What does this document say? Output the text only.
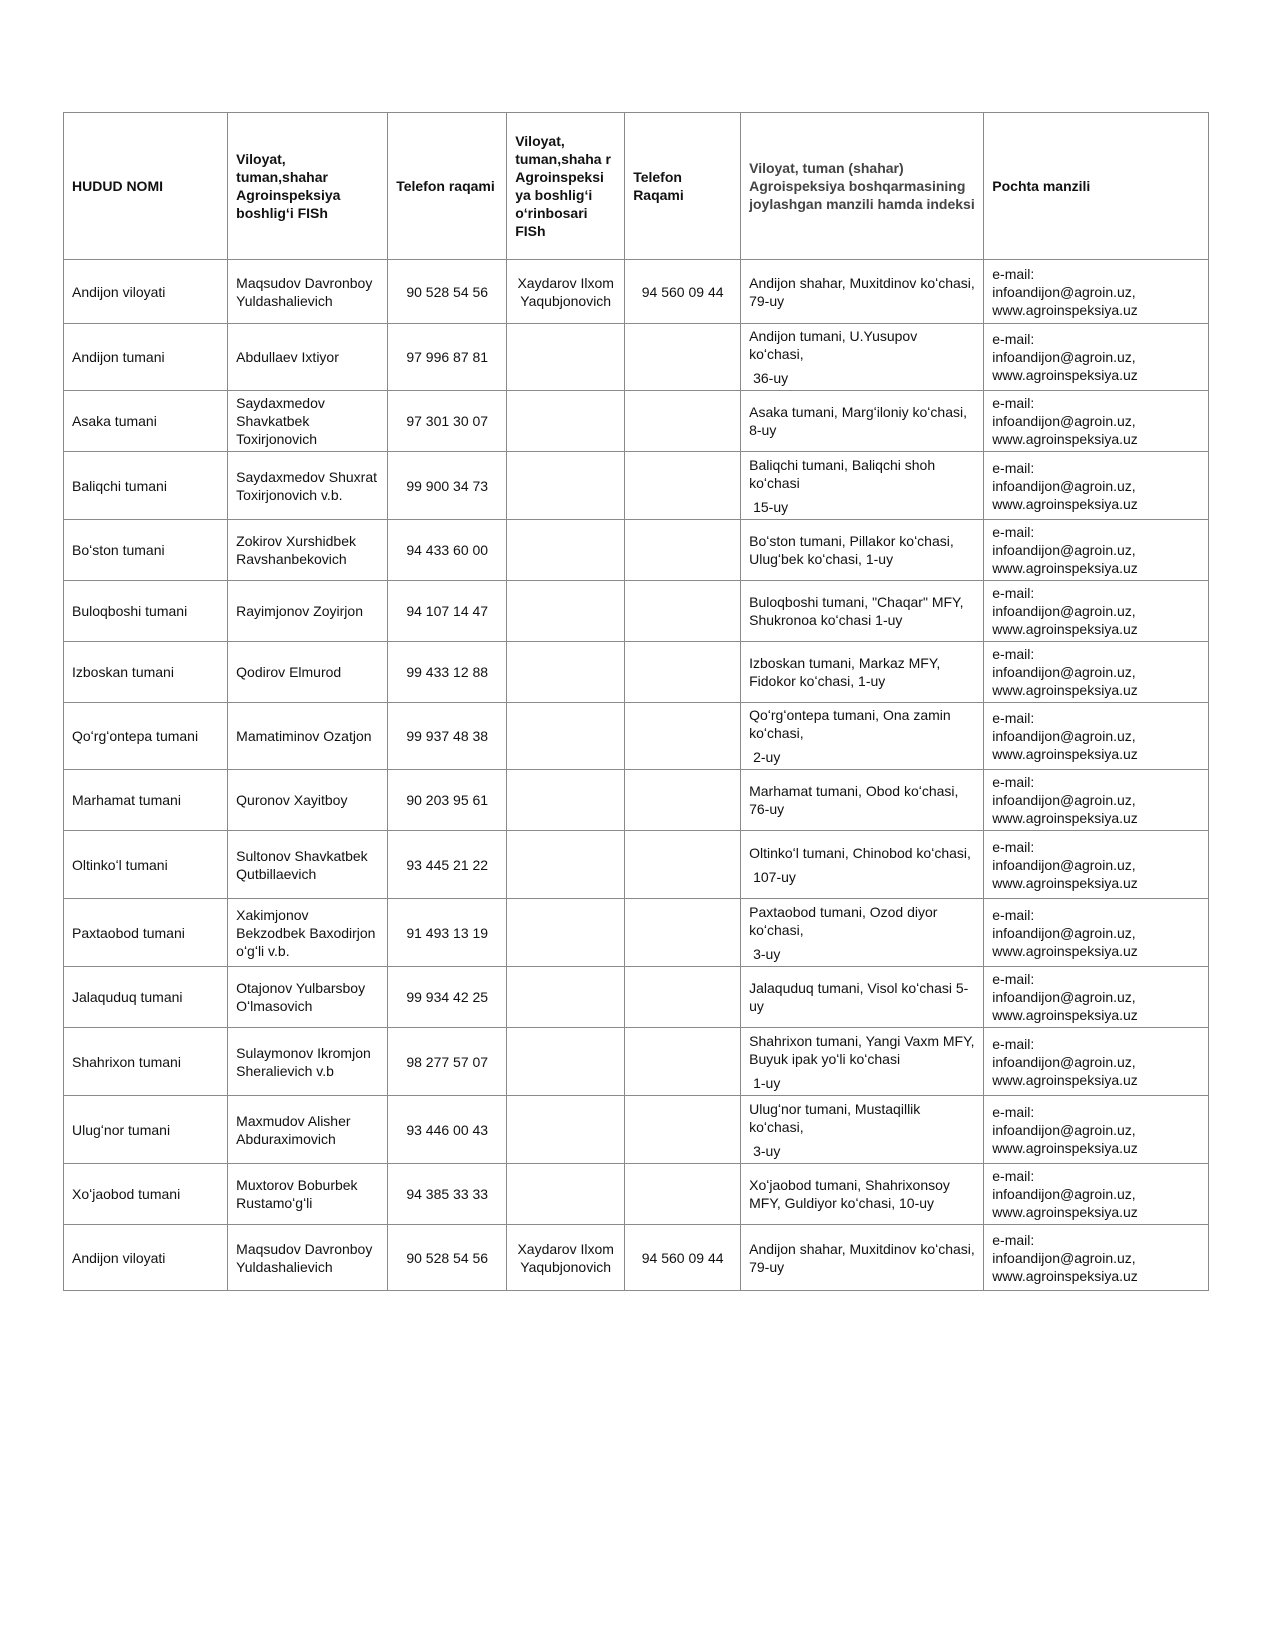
HUDUD NOMI	Viloyat, tuman,shahar Agroinspeksiya boshligʻi FISh	Telefon raqami	Viloyat, tuman,shaha r Agroinspeksi ya boshligʻi oʻrinbosari FISh	Telefon Raqami	Viloyat, tuman (shahar) Agroispeksiya boshqarmasining joylashgan manzili hamda indeksi	Pochta manzili
Andijon viloyati	Maqsudov Davronboy Yuldashalievich	90 528 54 56	Xaydarov Ilxom Yaqubjonovich	94 560 09 44	Andijon shahar, Muxitdinov koʻchasi, 79-uy	e-mail:
infoandijon@agroin.uz,
www.agroinspeksiya.uz

Andijon tumani	Abdullaev Ixtiyor	97 996 87 81			Andijon tumani, U.Yusupov koʻchasi,
36-uy	e-mail:
infoandijon@agroin.uz,
www.agroinspeksiya.uz

Asaka tumani	Saydaxmedov Shavkatbek Toxirjonovich	97 301 30 07			Asaka tumani, Margʻiloniy koʻchasi, 8-uy	e-mail:
infoandijon@agroin.uz,
www.agroinspeksiya.uz

Baliqchi tumani	Saydaxmedov Shuxrat Toxirjonovich v.b.	99 900 34 73			Baliqchi tumani, Baliqchi shoh koʻchasi
15-uy	e-mail:
infoandijon@agroin.uz,
www.agroinspeksiya.uz

Boʻston tumani	Zokirov Xurshidbek Ravshanbekovich	94 433 60 00			Boʻston tumani, Pillakor koʻchasi, Ulugʻbek koʻchasi, 1-uy	e-mail:
infoandijon@agroin.uz,
www.agroinspeksiya.uz

Buloqboshi tumani	Rayimjonov Zoyirjon	94 107 14 47			Buloqboshi tumani, "Chaqar" MFY, Shukronoa koʻchasi 1-uy	e-mail:
infoandijon@agroin.uz,
www.agroinspeksiya.uz

Izboskan tumani	Qodirov Elmurod	99 433 12 88			Izboskan tumani, Markaz MFY, Fidokor koʻchasi, 1-uy	e-mail:
infoandijon@agroin.uz,
www.agroinspeksiya.uz

Qoʻrgʻontepa tumani	Mamatiminov Ozatjon	99 937 48 38			Qoʻrgʻontepa tumani, Ona zamin koʻchasi,
2-uy	e-mail:
infoandijon@agroin.uz,
www.agroinspeksiya.uz

Marhamat tumani	Quronov Xayitboy	90 203 95 61			Marhamat tumani, Obod koʻchasi, 76-uy	e-mail:
infoandijon@agroin.uz,
www.agroinspeksiya.uz

Oltinkoʻl tumani	Sultonov Shavkatbek Qutbillaevich	93 445 21 22			Oltinkoʻl tumani, Chinobod koʻchasi,
107-uy	e-mail:
infoandijon@agroin.uz,
www.agroinspeksiya.uz

Paxtaobod tumani	Xakimjonov Bekzodbek Baxodirjon oʻgʻli v.b.	91 493 13 19			Paxtaobod tumani, Ozod diyor koʻchasi,
3-uy	e-mail:
infoandijon@agroin.uz,
www.agroinspeksiya.uz

Jalaquduq tumani	Otajonov Yulbarsboy Oʻlmasovich	99 934 42 25			Jalaquduq tumani, Visol koʻchasi 5-uy	e-mail:
infoandijon@agroin.uz,
www.agroinspeksiya.uz

Shahrixon tumani	Sulaymonov Ikromjon Sheralievich v.b	98 277 57 07			Shahrixon tumani, Yangi Vaxm MFY, Buyuk ipak yoʻli koʻchasi
1-uy	e-mail:
infoandijon@agroin.uz,
www.agroinspeksiya.uz

Ulugʻnor tumani	Maxmudov Alisher Abduraximovich	93 446 00 43			Ulugʻnor tumani, Mustaqillik koʻchasi,
3-uy	e-mail:
infoandijon@agroin.uz,
www.agroinspeksiya.uz

Xoʻjaobod tumani	Muxtorov Boburbek Rustamoʻgʻli	94 385 33 33			Xoʻjaobod tumani, Shahrixonsoy MFY, Guldiyor koʻchasi, 10-uy	e-mail:
infoandijon@agroin.uz,
www.agroinspeksiya.uz

Andijon viloyati	Maqsudov Davronboy Yuldashalievich	90 528 54 56	Xaydarov Ilxom Yaqubjonovich	94 560 09 44	Andijon shahar, Muxitdinov koʻchasi, 79-uy	e-mail:
infoandijon@agroin.uz,
www.agroinspeksiya.uz
